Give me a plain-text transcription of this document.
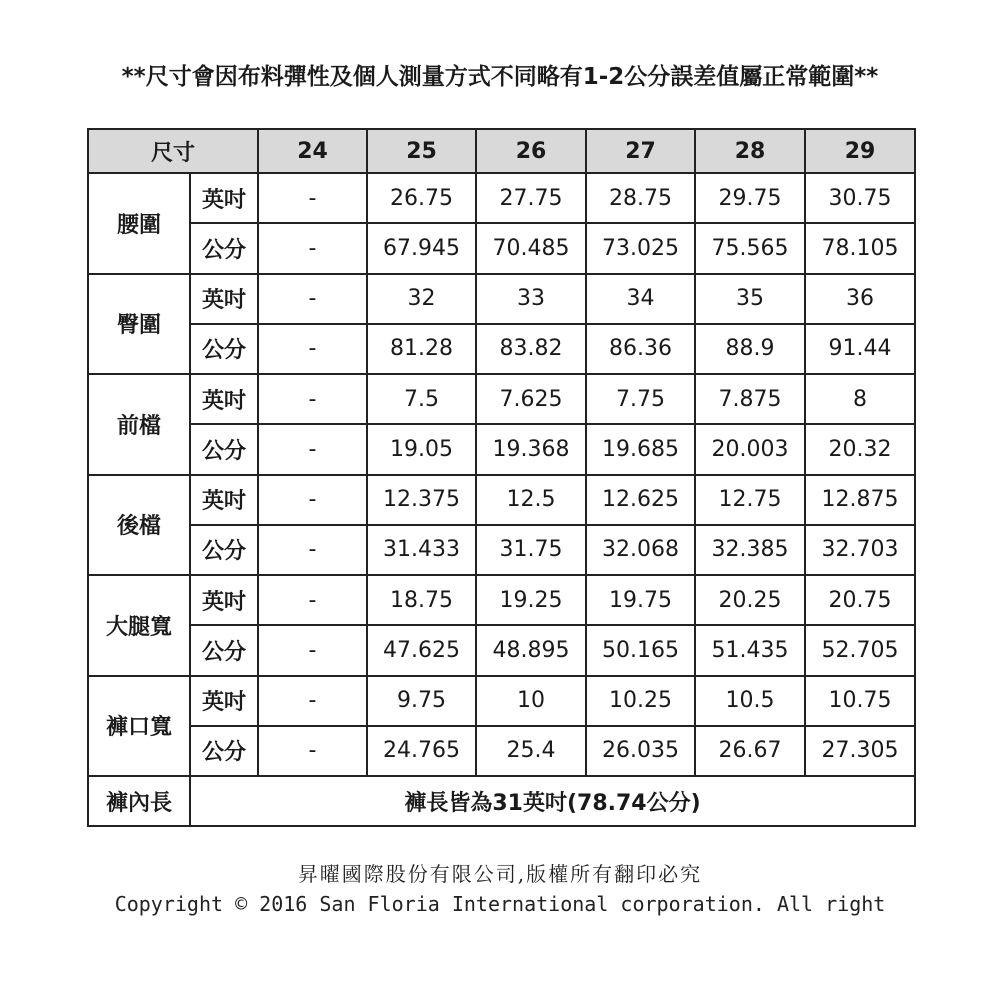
**尺寸會因布料彈性及個人測量方式不同略有1-2公分誤差值屬正常範圍**
尺寸		24	25	26	27	28	29
腰圍	英吋	-	26.75	27.75	28.75	29.75	30.75
	公分	-	67.945	70.485	73.025	75.565	78.105
臀圍	英吋	-	32	33	34	35	36
	公分	-	81.28	83.82	86.36	88.9	91.44
前檔	英吋	-	7.5	7.625	7.75	7.875	8
	公分	-	19.05	19.368	19.685	20.003	20.32
後檔	英吋	-	12.375	12.5	12.625	12.75	12.875
	公分	-	31.433	31.75	32.068	32.385	32.703
大腿寬	英吋	-	18.75	19.25	19.75	20.25	20.75
	公分	-	47.625	48.895	50.165	51.435	52.705
褲口寬	英吋	-	9.75	10	10.25	10.5	10.75
	公分	-	24.765	25.4	26.035	26.67	27.305
褲內長	褲長皆為31英吋(78.74公分)						
昇曜國際股份有限公司,版權所有翻印必究
Copyright © 2016 San Floria International corporation. All right
